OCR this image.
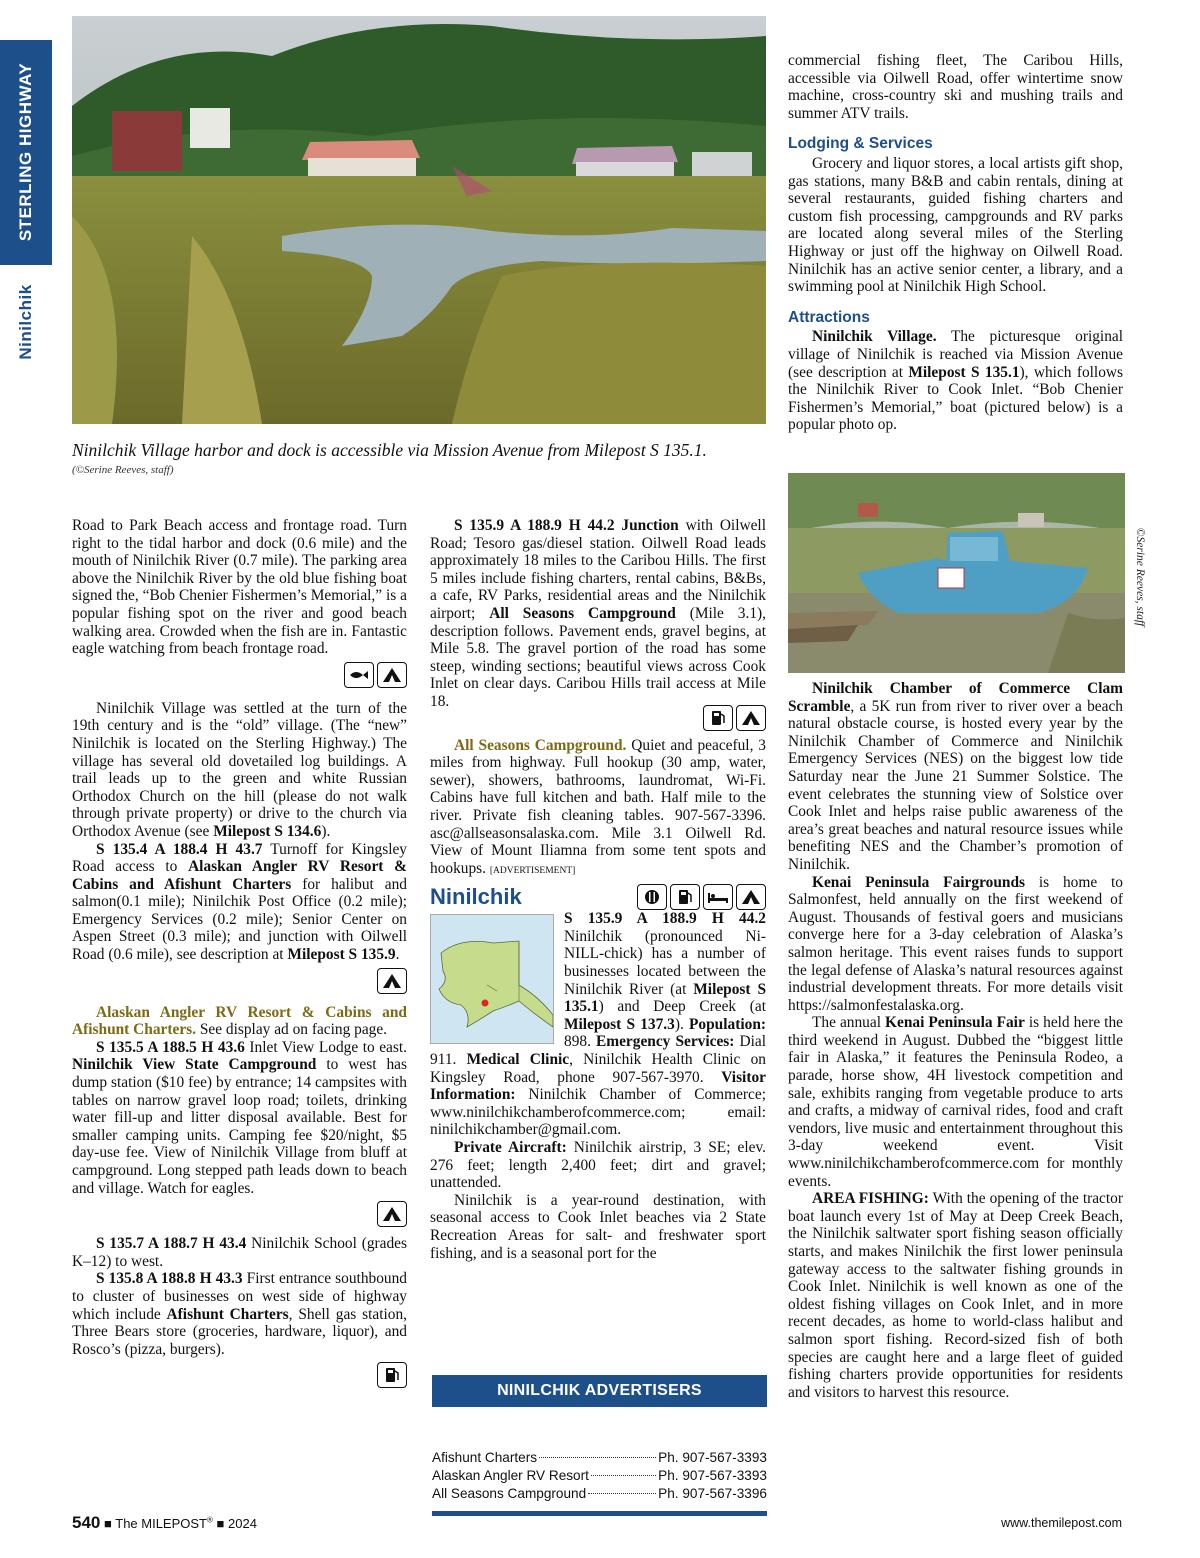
STERLING HIGHWAY
Ninilchik
Ninilchik Village harbor and dock is accessible via Mission Avenue from Milepost S 135.1.
(©Serine Reeves, staff)

Road to Park Beach access and frontage road. Turn right to the tidal harbor and dock (0.6 mile) and the mouth of Ninilchik River (0.7 mile). The parking area above the Ninilchik River by the old blue fishing boat signed the, “Bob Chenier Fishermen’s Memorial,” is a popular fishing spot on the river and good beach walking area. Crowded when the fish are in. Fantastic eagle watching from beach frontage road.

Ninilchik Village was settled at the turn of the 19th century and is the “old” village. (The “new” Ninilchik is located on the Sterling Highway.) The village has several old dovetailed log buildings. A trail leads up to the green and white Russian Orthodox Church on the hill (please do not walk through private property) or drive to the church via Orthodox Avenue (see Milepost S 134.6).

S 135.4 A 188.4 H 43.7 Turnoff for Kingsley Road access to Alaskan Angler RV Resort & Cabins and Afishunt Charters for halibut and salmon(0.1 mile); Ninilchik Post Office (0.2 mile); Emergency Services (0.2 mile); Senior Center on Aspen Street (0.3 mile); and junction with Oilwell Road (0.6 mile), see description at Milepost S 135.9.

Alaskan Angler RV Resort & Cabins and Afishunt Charters. See display ad on facing page.

S 135.5 A 188.5 H 43.6 Inlet View Lodge to east. Ninilchik View State Campground to west has dump station ($10 fee) by entrance; 14 campsites with tables on narrow gravel loop road; toilets, drinking water fill-up and litter disposal available. Best for smaller camping units. Camping fee $20/night, $5 day-use fee. View of Ninilchik Village from bluff at campground. Long stepped path leads down to beach and village. Watch for eagles.

S 135.7 A 188.7 H 43.4 Ninilchik School (grades K–12) to west.

S 135.8 A 188.8 H 43.3 First entrance southbound to cluster of businesses on west side of highway which include Afishunt Charters, Shell gas station, Three Bears store (groceries, hardware, liquor), and Rosco’s (pizza, burgers).

S 135.9 A 188.9 H 44.2 Junction with Oilwell Road; Tesoro gas/diesel station. Oilwell Road leads approximately 18 miles to the Caribou Hills. The first 5 miles include fishing charters, rental cabins, B&Bs, a cafe, RV Parks, residential areas and the Ninilchik airport; All Seasons Campground (Mile 3.1), description follows. Pavement ends, gravel begins, at Mile 5.8. The gravel portion of the road has some steep, winding sections; beautiful views across Cook Inlet on clear days. Caribou Hills trail access at Mile 18.

All Seasons Campground. Quiet and peaceful, 3 miles from highway. Full hookup (30 amp, water, sewer), showers, bathrooms, laundromat, Wi-Fi. Cabins have full kitchen and bath. Half mile to the river. Private fish cleaning tables. 907-567-3396. asc@allseasonsalaska.com. Mile 3.1 Oilwell Rd. View of Mount Iliamna from some tent spots and hookups. [ADVERTISEMENT]

Ninilchik

S 135.9 A 188.9 H 44.2 Ninilchik (pronounced Ni-NILL-chick) has a number of businesses located between the Ninilchik River (at Milepost S 135.1) and Deep Creek (at Milepost S 137.3). Population: 898. Emergency Services: Dial 911. Medical Clinic, Ninilchik Health Clinic on Kingsley Road, phone 907-567-3970. Visitor Information: Ninilchik Chamber of Commerce; www.ninilchikchamberofcommerce.com; email: ninilchikchamber@gmail.com.

Private Aircraft: Ninilchik airstrip, 3 SE; elev. 276 feet; length 2,400 feet; dirt and gravel; unattended.

Ninilchik is a year-round destination, with seasonal access to Cook Inlet beaches via 2 State Recreation Areas for salt- and freshwater sport fishing, and is a seasonal port for the

NINILCHIK ADVERTISERS
Afishunt Charters	Ph. 907-567-3393
Alaskan Angler RV Resort	Ph. 907-567-3393
All Seasons Campground	Ph. 907-567-3396

commercial fishing fleet, The Caribou Hills, accessible via Oilwell Road, offer wintertime snow machine, cross-country ski and mushing trails and summer ATV trails.

Lodging & Services

Grocery and liquor stores, a local artists gift shop, gas stations, many B&B and cabin rentals, dining at several restaurants, guided fishing charters and custom fish processing, campgrounds and RV parks are located along several miles of the Sterling Highway or just off the highway on Oilwell Road. Ninilchik has an active senior center, a library, and a swimming pool at Ninilchik High School.

Attractions

Ninilchik Village. The picturesque original village of Ninilchik is reached via Mission Avenue (see description at Milepost S 135.1), which follows the Ninilchik River to Cook Inlet. “Bob Chenier Fishermen’s Memorial,” boat (pictured below) is a popular photo op.

©Serine Reeves, staff

Ninilchik Chamber of Commerce Clam Scramble, a 5K run from river to river over a beach natural obstacle course, is hosted every year by the Ninilchik Chamber of Commerce and Ninilchik Emergency Services (NES) on the biggest low tide Saturday near the June 21 Summer Solstice. The event celebrates the stunning view of Solstice over Cook Inlet and helps raise public awareness of the area’s great beaches and natural resource issues while benefiting NES and the Chamber’s promotion of Ninilchik.

Kenai Peninsula Fairgrounds is home to Salmonfest, held annually on the first weekend of August. Thousands of festival goers and musicians converge here for a 3-day celebration of Alaska’s salmon heritage. This event raises funds to support the legal defense of Alaska’s natural resources against industrial development threats. For more details visit https://salmonfestalaska.org.

The annual Kenai Peninsula Fair is held here the third weekend in August. Dubbed the “biggest little fair in Alaska,” it features the Peninsula Rodeo, a parade, horse show, 4H livestock competition and sale, exhibits ranging from vegetable produce to arts and crafts, a midway of carnival rides, food and craft vendors, live music and entertainment throughout this 3-day weekend event. Visit www.ninilchikchamberofcommerce.com for monthly events.

AREA FISHING: With the opening of the tractor boat launch every 1st of May at Deep Creek Beach, the Ninilchik saltwater sport fishing season officially starts, and makes Ninilchik the first lower peninsula gateway access to the saltwater fishing grounds in Cook Inlet. Ninilchik is well known as one of the oldest fishing villages on Cook Inlet, and in more recent decades, as home to world-class halibut and salmon sport fishing. Record-sized fish of both species are caught here and a large fleet of guided fishing charters provide opportunities for residents and visitors to harvest this resource.

540 ■ The MILEPOST® ■ 2024	www.themilepost.com
